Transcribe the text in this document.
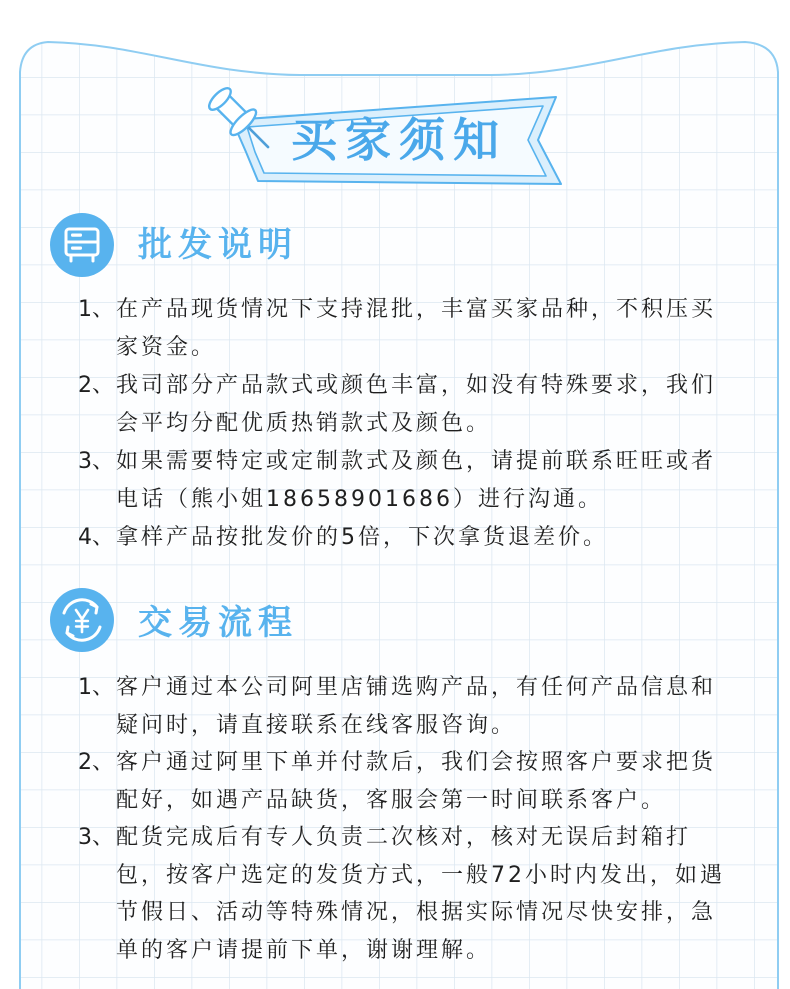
买家须知
批发说明
1、 在产品现货情况下支持混批，丰富买家品种，不积压买
家资金。
2、 我司部分产品款式或颜色丰富，如没有特殊要求，我们
会平均分配优质热销款式及颜色。
3、 如果需要特定或定制款式及颜色，请提前联系旺旺或者
电话（熊小姐18658901686）进行沟通。
4、 拿样产品按批发价的5倍，下次拿货退差价。
交易流程
1、 客户通过本公司阿里店铺选购产品，有任何产品信息和
疑问时，请直接联系在线客服咨询。
2、 客户通过阿里下单并付款后，我们会按照客户要求把货
配好，如遇产品缺货，客服会第一时间联系客户。
3、 配货完成后有专人负责二次核对，核对无误后封箱打
包，按客户选定的发货方式，一般72小时内发出，如遇
节假日、活动等特殊情况，根据实际情况尽快安排，急
单的客户请提前下单，谢谢理解。
